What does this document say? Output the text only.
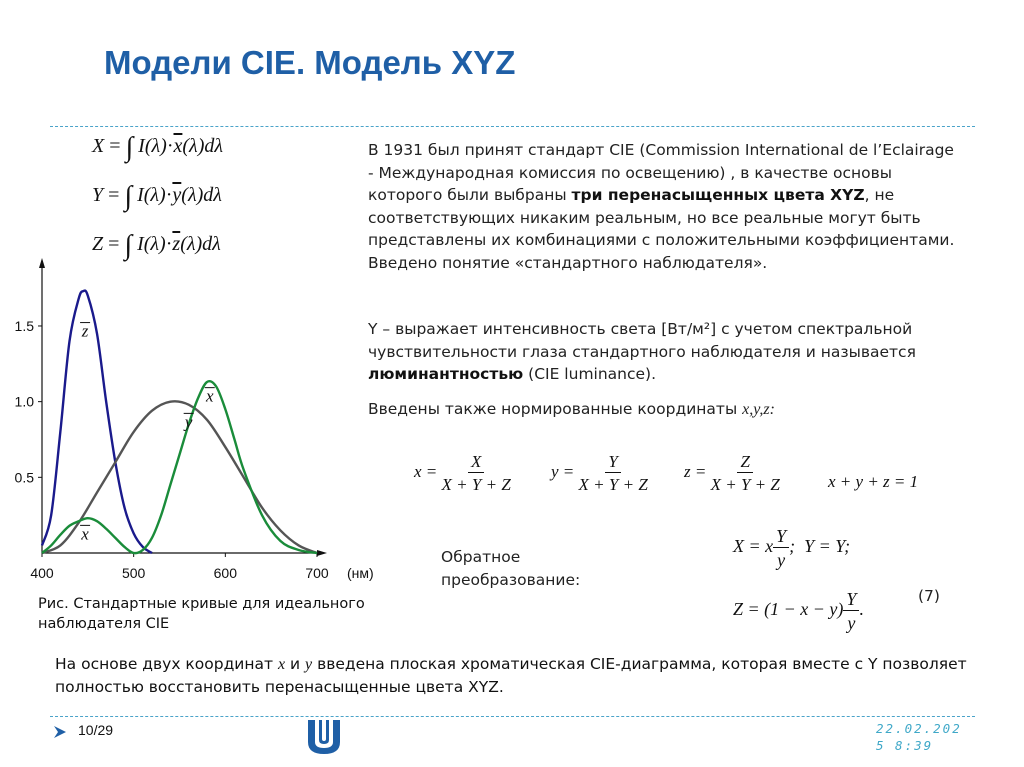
Модели CIE. Модель XYZ
X = ∫ $I(\lambda)\cdot\overline{x}(\lambda)d\lambda$
Y = ∫ $I(\lambda)\cdot\overline{y}(\lambda)d\lambda$
Z = ∫ $I(\lambda)\cdot\overline{z}(\lambda)d\lambda$
В 1931 был принят стандарт CIE (Commission International de l’Eclairage - Международная комиссия по освещению) , в качестве основы которого были выбраны три перенасыщенных цвета XYZ, не соответствующих никаким реальным, но все реальные могут быть представлены их комбинациями с положительными коэффициентами. Введено понятие «стандартного наблюдателя».
Y – выражает интенсивность света [Вт/м²] с учетом спектральной чувствительности глаза стандартного наблюдателя и называется люминантностью (CIE luminance).
Введены также нормированные координаты x,y,z:
$x = \frac{X}{X + Y + Z}$ $y = \frac{Y}{X + Y + Z}$ $z = \frac{Z}{X + Y + Z}$	x + y + z = 1
Обратное преобразование:
X = x $\frac{Y}{y}$ ;  Y = Y;
$Z = (1 - x - y) \frac{Y}{y}$ .
(7)
400	500	600	700 (нм)
0.5
1.0
1.5	z
y
x
x
Рис. Стандартные кривые для идеального наблюдателя CIE
На основе двух координат x и y введена плоская хроматическая CIE-диаграмма, которая вместе с Y позволяет полностью восстановить перенасыщенные цвета XYZ.
10/29	22.02.202
5 8:39
